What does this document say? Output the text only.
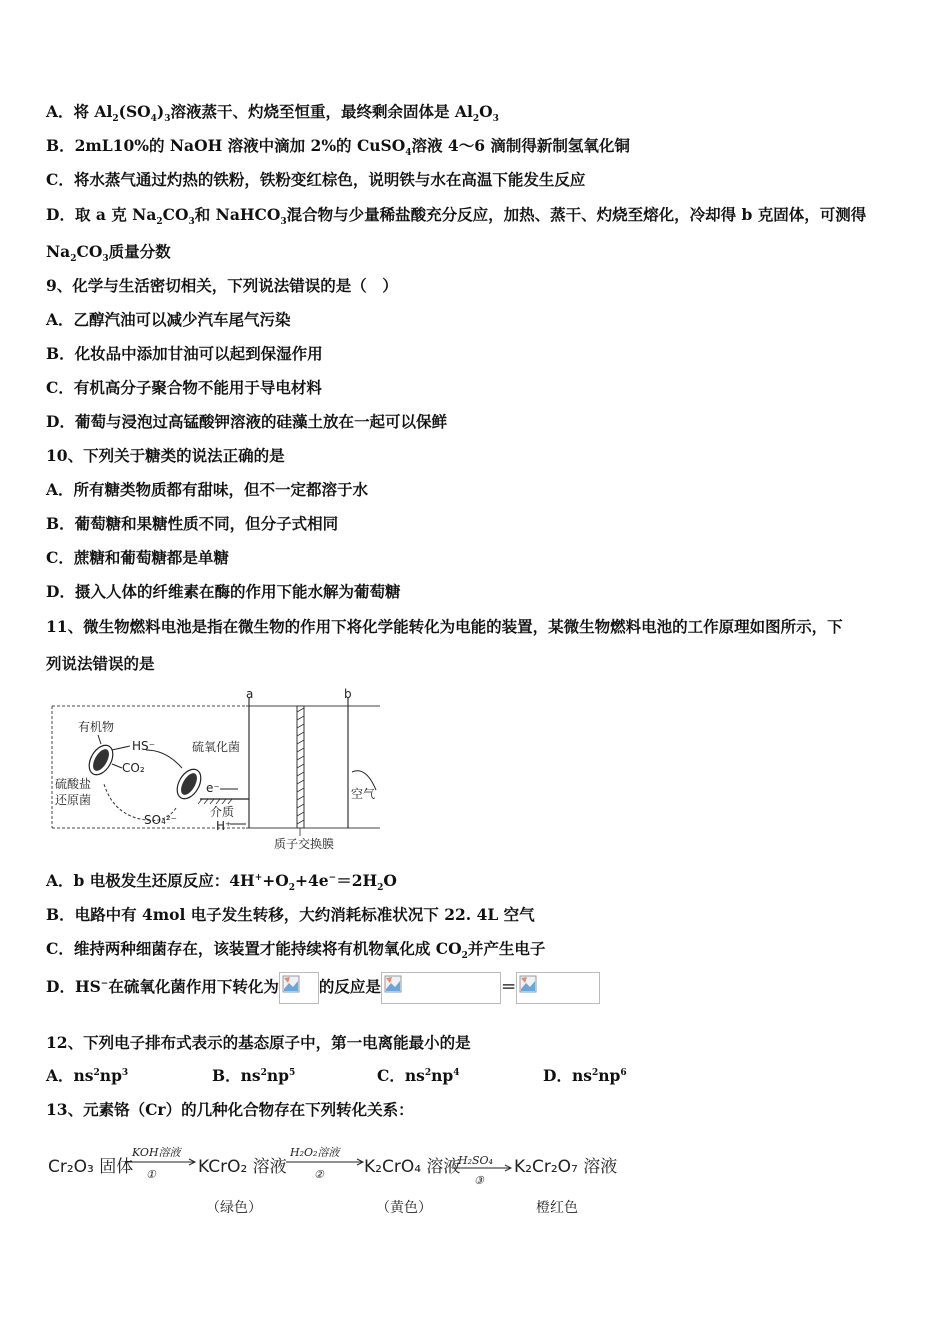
A．将 $Al_2(SO_4)_3$溶液蒸干、灼烧至恒重，最终剩余固体是 $Al_2O_3$
B．2mL10%的 NaOH 溶液中滴加 2%的 CuSO$_4$溶液 4～6 滴制得新制氢氧化铜
C．将水蒸气通过灼热的铁粉，铁粉变红棕色，说明铁与水在高温下能发生反应
D．取 a 克 $Na_2CO_3$和 NaHCO$_3$混合物与少量稀盐酸充分反应，加热、蒸干、灼烧至熔化，冷却得 b 克固体，可测得
$Na_2CO_3$质量分数
9、化学与生活密切相关，下列说法错误的是（　）
A．乙醇汽油可以减少汽车尾气污染
B．化妆品中添加甘油可以起到保湿作用
C．有机高分子聚合物不能用于导电材料
D．葡萄与浸泡过高锰酸钾溶液的硅藻土放在一起可以保鲜
10、下列关于糖类的说法正确的是
A．所有糖类物质都有甜味，但不一定都溶于水
B．葡萄糖和果糖性质不同，但分子式相同
C．蔗糖和葡萄糖都是单糖
D．摄入人体的纤维素在酶的作用下能水解为葡萄糖
11、微生物燃料电池是指在微生物的作用下将化学能转化为电能的装置，某微生物燃料电池的工作原理如图所示，下
列说法错误的是
a	b
质子交换膜
有机物
HS⁻
CO₂
硫酸盐
还原菌
硫氧化菌
e⁻
介质
H⁺
SO₄²⁻
空气
A．b 电极发生还原反应：$4H^++O_2+4e^-=2H_2O$
B．电路中有 4mol 电子发生转移，大约消耗标准状况下 22. 4L 空气
C．维持两种细菌存在，该装置才能持续将有机物氧化成 $CO_2$并产生电子
D．HS−在硫氧化菌作用下转化为	的反应是	＝
12、下列电子排布式表示的基态原子中，第一电离能最小的是
A．$ns^2np^3$	B．$ns^2np^5$	C．$ns^2np^4$	D．$ns^2np^6$
13、元素铬（Cr）的几种化合物存在下列转化关系：
Cr₂O₃ 固体
KOH溶液
① KCrO₂ 溶液
H₂O₂溶液
② K₂CrO₄ 溶液
H₂SO₄
③
K₂Cr₂O₇ 溶液
（绿色）	（黄色）	橙红色
